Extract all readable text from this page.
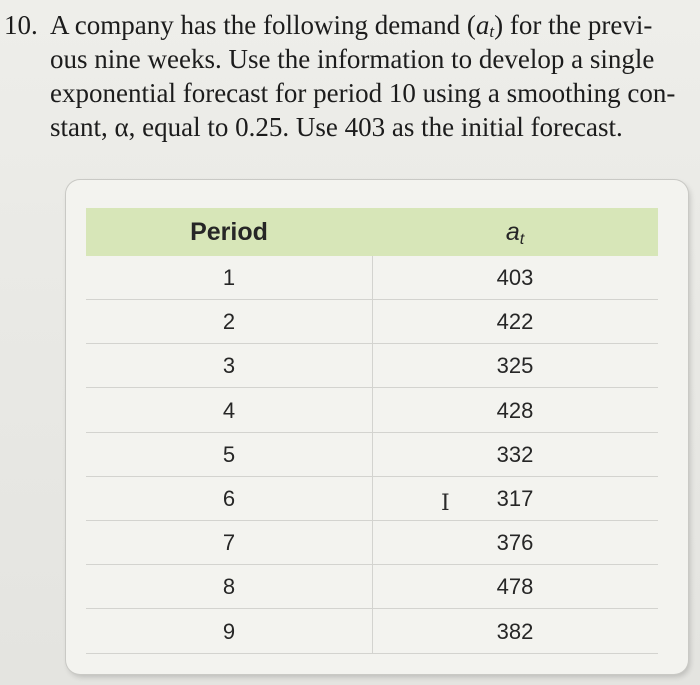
10. A company has the following demand $(a_t)$ for the previ-
ous nine weeks. Use the information to develop a single
exponential forecast for period 10 using a smoothing con-
stant, α, equal to 0.25. Use 403 as the initial forecast.
Period	$a_t$
1	403
2	422
3	325
4	428
5	332
6	317
7	376
8	478
9	382
I
